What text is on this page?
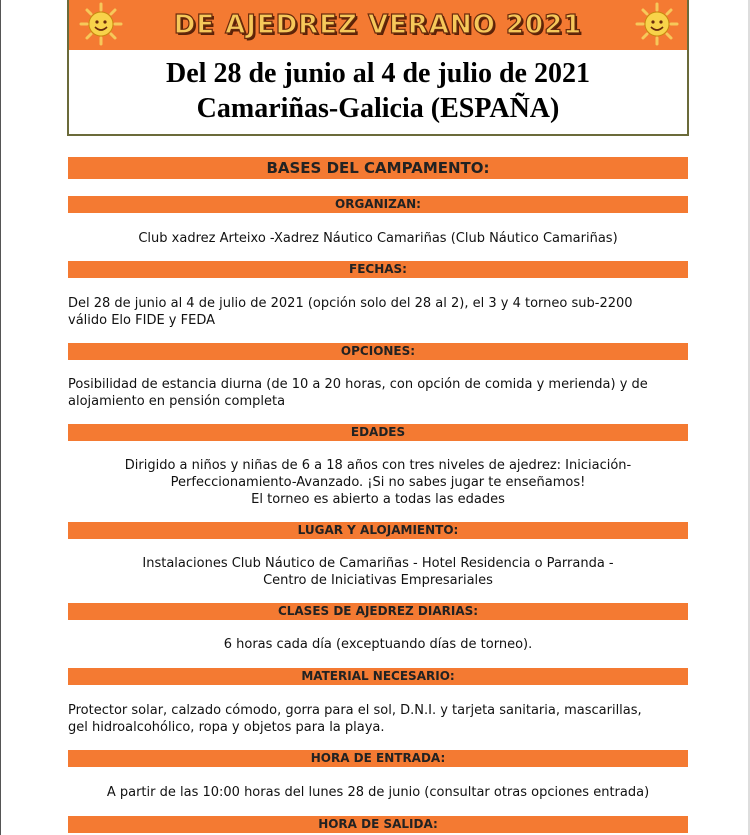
DE AJEDREZ VERANO 2021
Del 28 de junio al 4 de julio de 2021
Camariñas-Galicia (ESPAÑA)
BASES DEL CAMPAMENTO:
ORGANIZAN:
Club xadrez Arteixo -Xadrez Náutico Camariñas (Club Náutico Camariñas)
FECHAS:
Del 28 de junio al 4 de julio de 2021 (opción solo del 28 al 2), el 3 y 4 torneo sub-2200
válido Elo FIDE y FEDA
OPCIONES:
Posibilidad de estancia diurna (de 10 a 20 horas, con opción de comida y merienda) y de
alojamiento en pensión completa
EDADES
Dirigido a niños y niñas de 6 a 18 años con tres niveles de ajedrez: Iniciación-
Perfeccionamiento-Avanzado. ¡Si no sabes jugar te enseñamos!
El torneo es abierto a todas las edades
LUGAR Y ALOJAMIENTO:
Instalaciones Club Náutico de Camariñas - Hotel Residencia o Parranda -
Centro de Iniciativas Empresariales
CLASES DE AJEDREZ DIARIAS:
6 horas cada día (exceptuando días de torneo).
MATERIAL NECESARIO:
Protector solar, calzado cómodo, gorra para el sol, D.N.I. y tarjeta sanitaria, mascarillas,
gel hidroalcohólico, ropa y objetos para la playa.
HORA DE ENTRADA:
A partir de las 10:00 horas del lunes 28 de junio (consultar otras opciones entrada)
HORA DE SALIDA:
